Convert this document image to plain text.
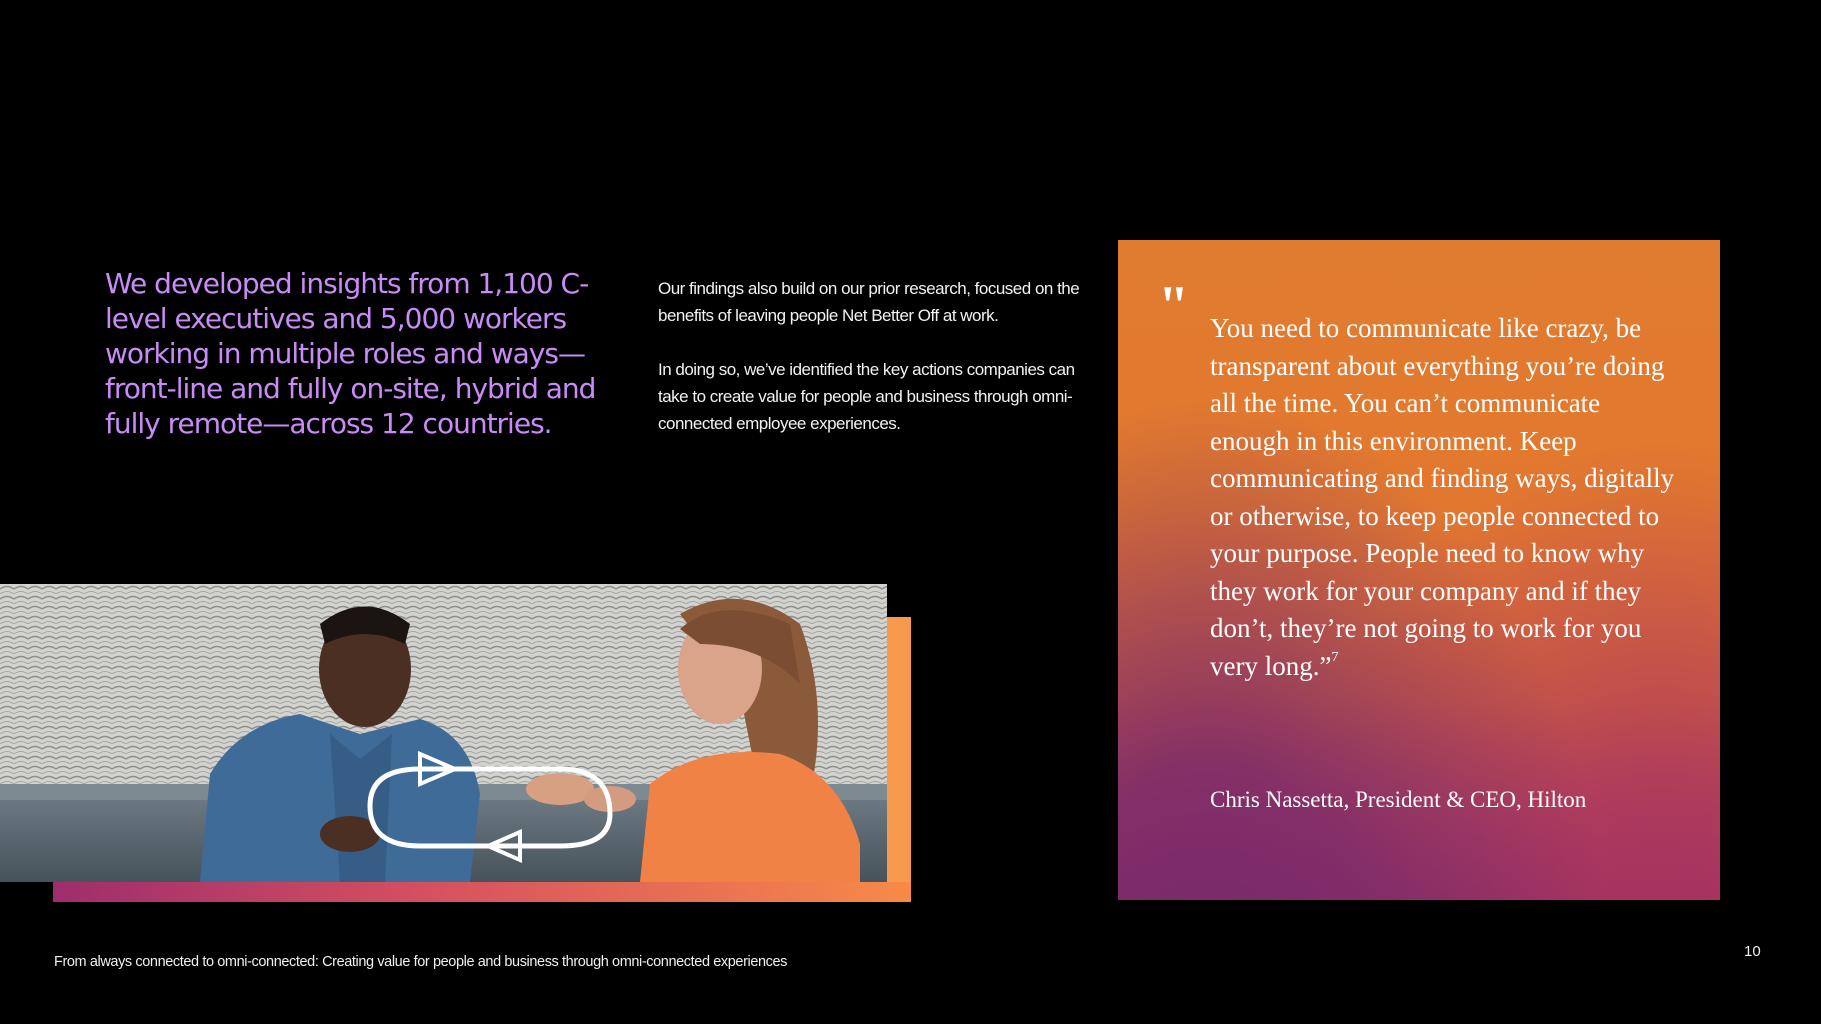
We developed insights from 1,100 C-level executives and 5,000 workers working in multiple roles and ways—front-line and fully on-site, hybrid and fully remote—across 12 countries.

Our findings also build on our prior research, focused on the benefits of leaving people Net Better Off at work.

In doing so, we’ve identified the key actions companies can take to create value for people and business through omni-connected employee experiences.

" You need to communicate like crazy, be transparent about everything you’re doing all the time. You can’t communicate enough in this environment. Keep communicating and finding ways, digitally or otherwise, to keep people connected to your purpose. People need to know why they work for your company and if they don’t, they’re not going to work for you very long.”$^7$

Chris Nassetta, President & CEO, Hilton
From always connected to omni-connected: Creating value for people and business through omni-connected experiences
10
